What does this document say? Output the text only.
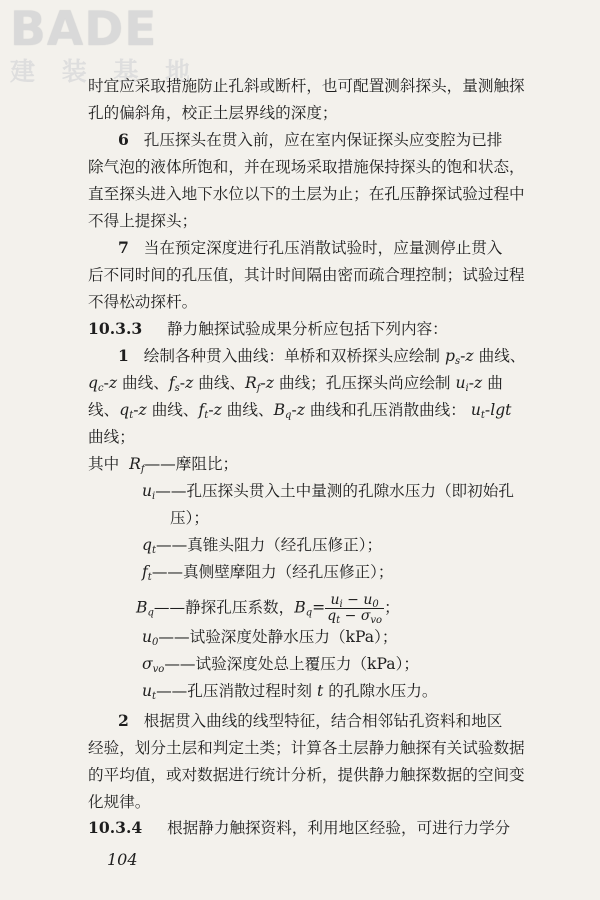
BADE
建 装 基 地
时宜应采取措施防止孔斜或断杆，也可配置测斜探头，量测触探
孔的偏斜角，校正土层界线的深度；
6 孔压探头在贯入前，应在室内保证探头应变腔为已排
除气泡的液体所饱和，并在现场采取措施保持探头的饱和状态，
直至探头进入地下水位以下的土层为止；在孔压静探试验过程中
不得上提探头；
7 当在预定深度进行孔压消散试验时，应量测停止贯入
后不同时间的孔压值，其计时间隔由密而疏合理控制；试验过程
不得松动探杆。
10.3.3 静力触探试验成果分析应包括下列内容：
1 绘制各种贯入曲线：单桥和双桥探头应绘制 $p_s-z$ 曲线、
$q_c-z$ 曲线、$f_s-z$ 曲线、$R_f-z$ 曲线；孔压探头尚应绘制 $u_i-z$ 曲
线、$q_t-z$ 曲线、$f_t-z$ 曲线、$B_q-z$ 曲线和孔压消散曲线： $u_t$-lgt
曲线；
其中 $R_f——$摩阻比；
$u_i——$孔压探头贯入土中量测的孔隙水压力（即初始孔
压）；
$q_t——$真锥头阻力（经孔压修正）；
$f_t——$真侧壁摩阻力（经孔压修正）；
$B_q——$静探孔压系数，$B_q= \frac{u_i - u_0}{q_t - \sigma_{vo}}$ ；
$u_0——$试验深度处静水压力（kPa）；
$\sigma_{vo}——$试验深度处总上覆压力（kPa）；
$u_t——$孔压消散过程时刻 t 的孔隙水压力。
2 根据贯入曲线的线型特征，结合相邻钻孔资料和地区
经验，划分土层和判定土类；计算各土层静力触探有关试验数据
的平均值，或对数据进行统计分析，提供静力触探数据的空间变
化规律。
10.3.4 根据静力触探资料，利用地区经验，可进行力学分
104
